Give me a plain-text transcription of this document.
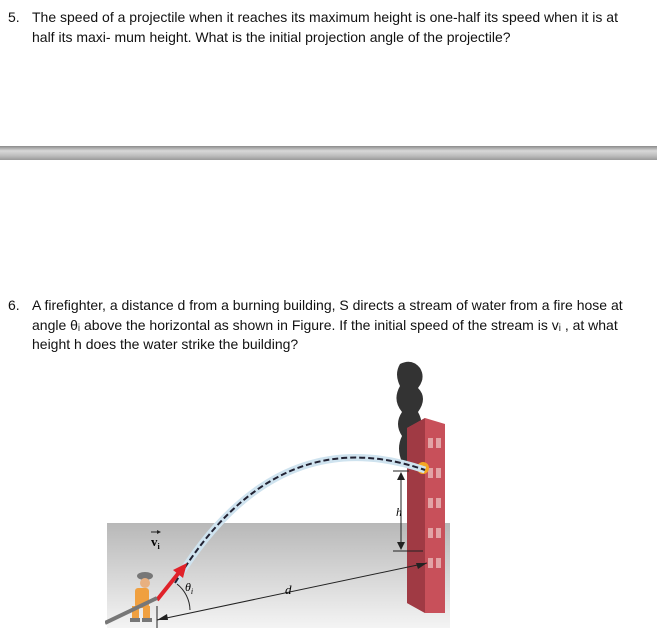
5. The speed of a projectile when it reaches its maximum height is one-half its speed when it is at half its maxi- mum height. What is the initial projection angle of the projectile?
6. A firefighter, a distance d from a burning building, S directs a stream of water from a fire hose at angle θᵢ above the horizontal as shown in Figure. If the initial speed of the stream is vᵢ , at what height h does the water strike the building?
h
d
$\theta_i$
$v_i$
